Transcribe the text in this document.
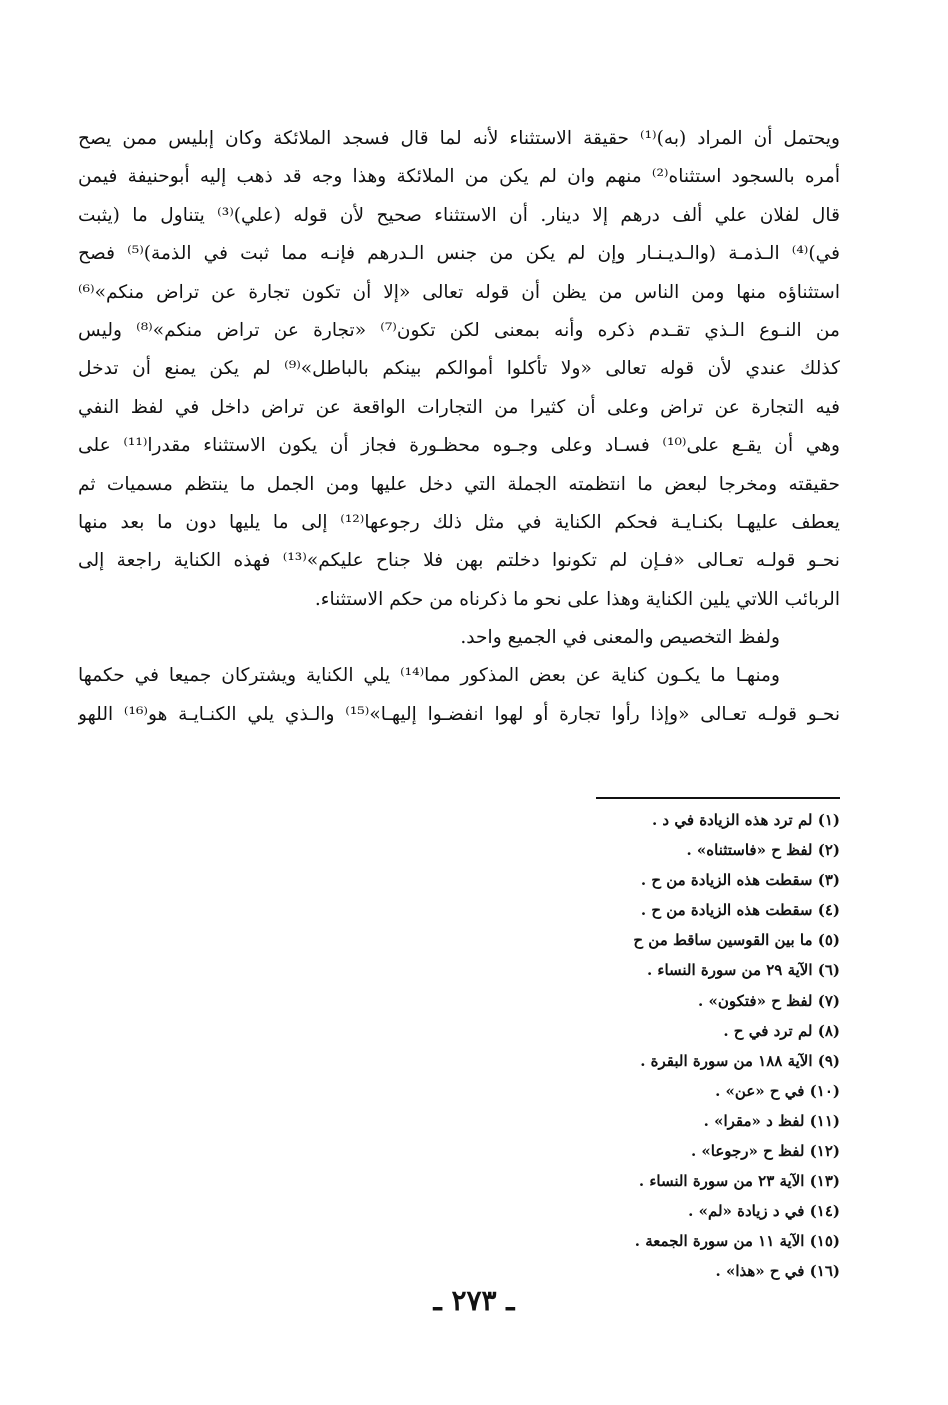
ويحتمل أن المراد (به)⁽¹⁾ حقيقة الاستثناء لأنه لما قال فسجد الملائكة وكان إبليس ممن يصح
أمره بالسجود استثناه⁽²⁾ منهم وان لم يكن من الملائكة وهذا وجه قد ذهب إليه أبوحنيفة فيمن
قال لفلان علي ألف درهم إلا دينار. أن الاستثناء صحيح لأن قوله (علي)⁽³⁾ يتناول ما (يثبت
في)⁽⁴⁾ الـذمـة (والـديـنـار وإن لم يكن من جنس الـدرهم فإنـه مما ثبت في الذمة)⁽⁵⁾ فصح
استثناؤه منها ومن الناس من يظن أن قوله تعالى «إلا أن تكون تجارة عن تراض منكم»⁽⁶⁾
من النـوع الـذي تقـدم ذكره وأنه بمعنى لكن تكون⁽⁷⁾ «تجارة عن تراض منكم»⁽⁸⁾ وليس
كذلك عندي لأن قوله تعالى «ولا تأكلوا أموالكم بينكم بالباطل»⁽⁹⁾ لم يكن يمنع أن تدخل
فيه التجارة عن تراض وعلى أن كثيرا من التجارات الواقعة عن تراض داخل في لفظ النفي
وهي أن يقـع على⁽¹⁰⁾ فسـاد وعلى وجـوه محظـورة فجاز أن يكون الاستثناء مقدرا⁽¹¹⁾ على
حقيقته ومخرجا لبعض ما انتظمته الجملة التي دخل عليها ومن الجمل ما ينتظم مسميات ثم
يعطف عليهـا بكنـايـة فحكم الكناية في مثل ذلك رجوعها⁽¹²⁾ إلى ما يليها دون ما بعد منها
نحـو قولـه تعـالى «فـإن لم تكونوا دخلتم بهن فلا جناح عليكم»⁽¹³⁾ فهذه الكناية راجعة إلى
الربائب اللاتي يلين الكناية وهذا على نحو ما ذكرناه من حكم الاستثناء.
ولفظ التخصيص والمعنى في الجميع واحد.
ومنهـا ما يكـون كناية عن بعض المذكور مما⁽¹⁴⁾ يلي الكناية ويشتركان جميعا في حكمها
نحـو قولـه تعـالى «وإذا رأوا تجارة أو لهوا انفضـوا إليهـا»⁽¹⁵⁾ والـذي يلي الكنـايـة هو⁽¹⁶⁾ اللهو
(١) لم ترد هذه الزيادة في د .
(٢) لفظ ح «فاستثناه» .
(٣) سقطت هذه الزيادة من ح .
(٤) سقطت هذه الزيادة من ح .
(٥) ما بين القوسين ساقط من ح
(٦) الآية ٢٩ من سورة النساء .
(٧) لفظ ح «فتكون» .
(٨) لم ترد في ح .
(٩) الآية ١٨٨ من سورة البقرة .
(١٠) في ح «عن» .
(١١) لفظ د «مقرا» .
(١٢) لفظ ح «رجوعا» .
(١٣) الآية ٢٣ من سورة النساء .
(١٤) في د زيادة «لم» .
(١٥) الآية ١١ من سورة الجمعة .
(١٦) في ح «هذا» .
ـ ٢٧٣ ـ
